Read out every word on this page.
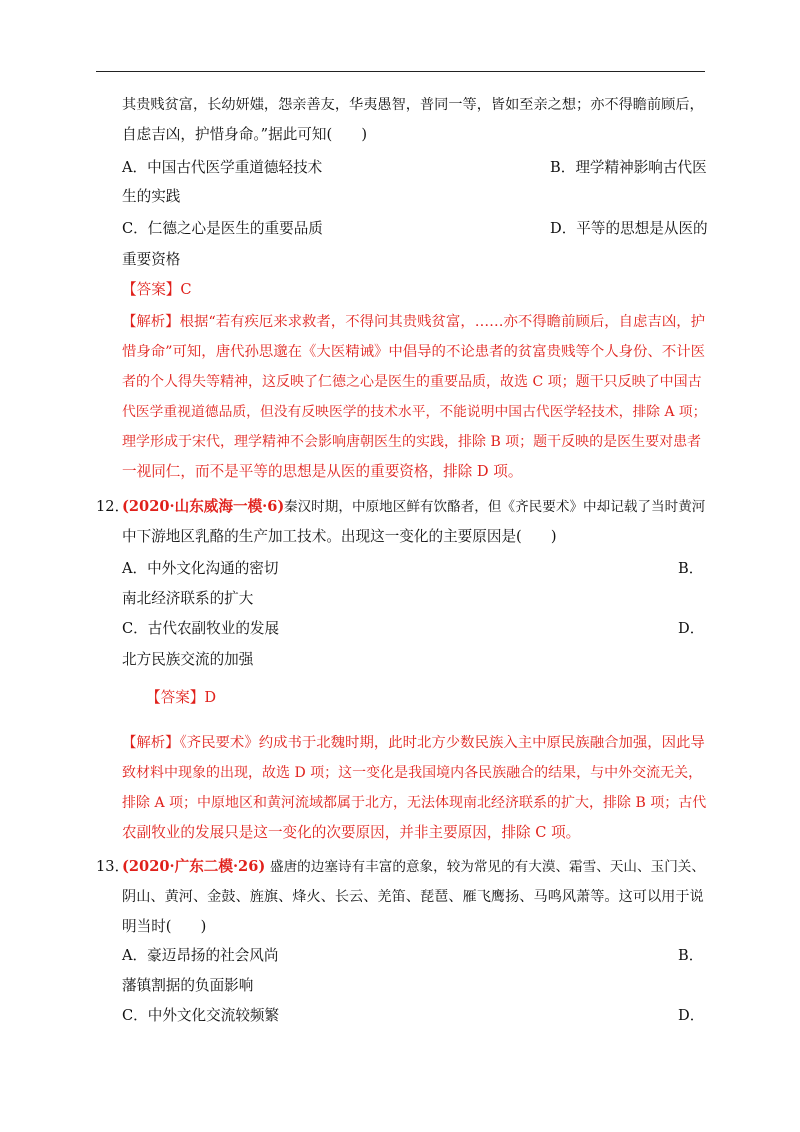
其贵贱贫富，长幼妍媸，怨亲善友，华夷愚智，普同一等，皆如至亲之想；亦不得瞻前顾后，
自虑吉凶，护惜身命。”据此可知(　　)
A．中国古代医学重道德轻技术	B．理学精神影响古代医
生的实践
C．仁德之心是医生的重要品质	D．平等的思想是从医的
重要资格
【答案】C
【解析】根据“若有疾厄来求救者，不得问其贵贱贫富，……亦不得瞻前顾后，自虑吉凶，护
惜身命”可知，唐代孙思邈在《大医精诫》中倡导的不论患者的贫富贵贱等个人身份、不计医
者的个人得失等精神，这反映了仁德之心是医生的重要品质，故选 C 项；题干只反映了中国古
代医学重视道德品质，但没有反映医学的技术水平，不能说明中国古代医学轻技术，排除 A 项；
理学形成于宋代，理学精神不会影响唐朝医生的实践，排除 B 项；题干反映的是医生要对患者
一视同仁，而不是平等的思想是从医的重要资格，排除 D 项。
12．
(2020·山东威海一模·6) 秦汉时期，中原地区鲜有饮酪者，但《齐民要术》中却记载了当时黄河
中下游地区乳酪的生产加工技术。出现这一变化的主要原因是(　　)
A．中外文化沟通的密切	B．
南北经济联系的扩大
C．古代农副牧业的发展	D．
北方民族交流的加强
【答案】D
【解析】《齐民要术》约成书于北魏时期，此时北方少数民族入主中原民族融合加强，因此导
致材料中现象的出现，故选 D 项；这一变化是我国境内各民族融合的结果，与中外交流无关，
排除 A 项；中原地区和黄河流域都属于北方，无法体现南北经济联系的扩大，排除 B 项；古代
农副牧业的发展只是这一变化的次要原因，并非主要原因，排除 C 项。
13．
(2020·广东二模·26) 盛唐的边塞诗有丰富的意象，较为常见的有大漠、霜雪、天山、玉门关、
阴山、黄河、金鼓、旌旗、烽火、长云、羌笛、琵琶、雁飞鹰扬、马鸣风萧等。这可以用于说
明当时(　　)
A．豪迈昂扬的社会风尚	B．
藩镇割据的负面影响
C．中外文化交流较频繁	D．
